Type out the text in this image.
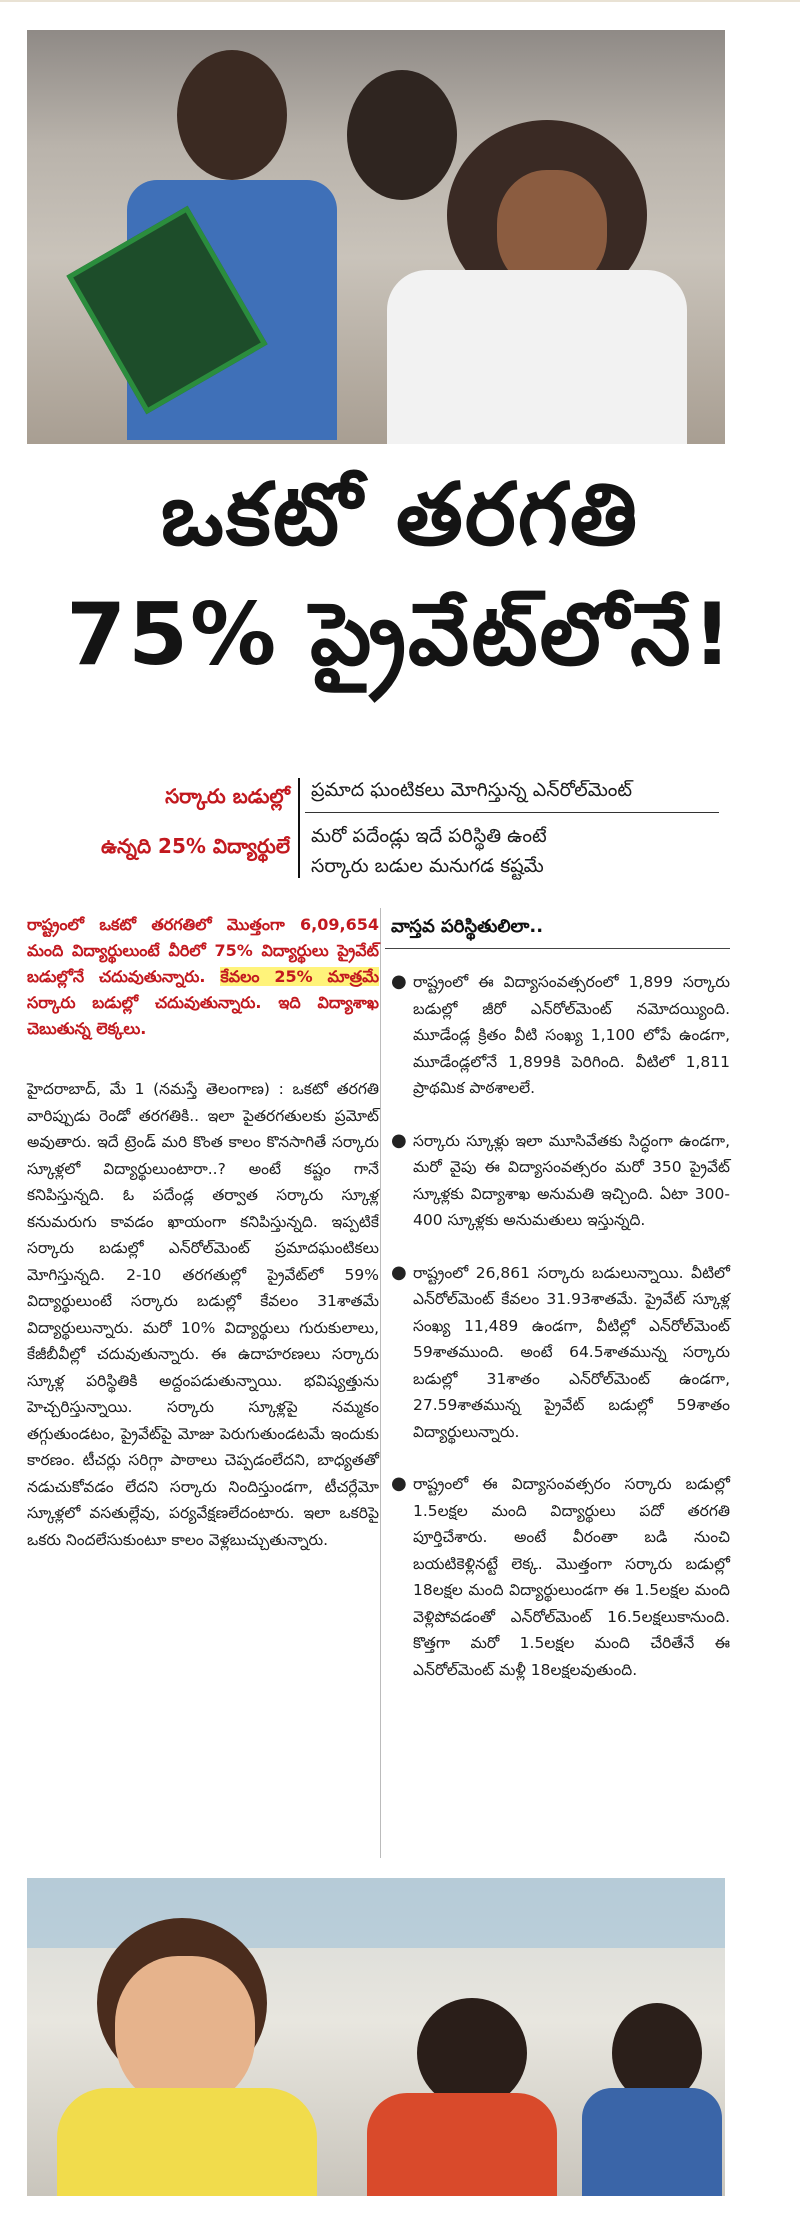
ఒకటో తరగతి
75% ప్రైవేట్‌లోనే!
సర్కారు బడుల్లో
ఉన్నది 25% విద్యార్థులే
ప్రమాద ఘంటికలు మోగిస్తున్న ఎన్‌రోల్‌మెంట్‌
మరో పదేండ్లు ఇదే పరిస్థితి ఉంటే
సర్కారు బడుల మనుగడ కష్టమే
రాష్ట్రంలో ఒకటో తరగతిలో మొత్తంగా 6,09,654 మంది విద్యార్థులుంటే వీరిలో 75% విద్యార్థులు ప్రైవేట్‌ బడుల్లోనే చదువుతున్నారు. కేవలం 25% మాత్రమే సర్కారు బడుల్లో చదువుతున్నారు. ఇది విద్యాశాఖ చెబుతున్న లెక్కలు.
హైదరాబాద్‌, మే 1 (నమస్తే తెలంగాణ) : ఒకటో తరగతి వారిప్పుడు రెండో తరగతికి.. ఇలా పైతరగతులకు ప్రమోట్‌ అవుతారు. ఇదే ట్రెండ్‌ మరి కొంత కాలం కొనసాగితే సర్కారు స్కూళ్లలో విద్యార్థులుంటారా..? అంటే కష్టం గానే కనిపిస్తున్నది. ఓ పదేండ్ల తర్వాత సర్కారు స్కూళ్ల కనుమరుగు కావడం ఖాయంగా కనిపిస్తున్నది. ఇప్పటికే సర్కారు బడుల్లో ఎన్‌రోల్‌మెంట్‌ ప్రమాదఘంటికలు మోగిస్తున్నది. 2-10 తరగతుల్లో ప్రైవేట్‌లో 59% విద్యార్థులుంటే సర్కారు బడుల్లో కేవలం 31శాతమే విద్యార్థులున్నారు. మరో 10% విద్యార్థులు గురుకులాలు, కేజీబీవీల్లో చదువుతున్నారు. ఈ ఉదాహరణలు సర్కారు స్కూళ్ల పరిస్థితికి అద్దంపడుతున్నాయి. భవిష్యత్తును హెచ్చరిస్తున్నాయి. సర్కారు స్కూళ్లపై నమ్మకం తగ్గుతుండటం, ప్రైవేట్‌పై మోజు పెరుగుతుండటమే ఇందుకు కారణం. టీచర్లు సరిగ్గా పాఠాలు చెప్పడంలేదని, బాధ్యతతో నడుచుకోవడం లేదని సర్కారు నిందిస్తుండగా, టీచర్లేమో స్కూళ్లలో వసతుల్లేవు, పర్యవేక్షణలేదంటారు. ఇలా ఒకరిపై ఒకరు నిందలేసుకుంటూ కాలం వెళ్లబుచ్చుతున్నారు.
వాస్తవ పరిస్థితులిలా..
● రాష్ట్రంలో ఈ విద్యాసంవత్సరంలో 1,899 సర్కారు బడుల్లో జీరో ఎన్‌రోల్‌మెంట్‌ నమోదయ్యింది. మూడేండ్ల క్రితం వీటి సంఖ్య 1,100 లోపే ఉండగా, మూడేండ్లలోనే 1,899కి పెరిగింది. వీటిలో 1,811 ప్రాథమిక పాఠశాలలే.
● సర్కారు స్కూళ్లు ఇలా మూసివేతకు సిద్ధంగా ఉండగా, మరో వైపు ఈ విద్యాసంవత్సరం మరో 350 ప్రైవేట్‌ స్కూళ్లకు విద్యాశాఖ అనుమతి ఇచ్చింది. ఏటా 300-400 స్కూళ్లకు అనుమతులు ఇస్తున్నది.
● రాష్ట్రంలో 26,861 సర్కారు బడులున్నాయి. వీటిలో ఎన్‌రోల్‌మెంట్‌ కేవలం 31.93శాతమే. ప్రైవేట్‌ స్కూళ్ల సంఖ్య 11,489 ఉండగా, వీటిల్లో ఎన్‌రోల్‌మెంట్‌ 59శాతముంది. అంటే 64.5శాతమున్న సర్కారు బడుల్లో 31శాతం ఎన్‌రోల్‌మెంట్‌ ఉండగా, 27.59శాతమున్న ప్రైవేట్‌ బడుల్లో 59శాతం విద్యార్థులున్నారు.
● రాష్ట్రంలో ఈ విద్యాసంవత్సరం సర్కారు బడుల్లో 1.5లక్షల మంది విద్యార్థులు పదో తరగతి పూర్తిచేశారు. అంటే వీరంతా బడి నుంచి బయటికెళ్లినట్టే లెక్క. మొత్తంగా సర్కారు బడుల్లో 18లక్షల మంది విద్యార్థులుండగా ఈ 1.5లక్షల మంది వెళ్లిపోవడంతో ఎన్‌రోల్‌మెంట్‌ 16.5లక్షలుకానుంది. కొత్తగా మరో 1.5లక్షల మంది చేరితేనే ఈ ఎన్‌రోల్‌మెంట్‌ మళ్లీ 18లక్షలవుతుంది.
